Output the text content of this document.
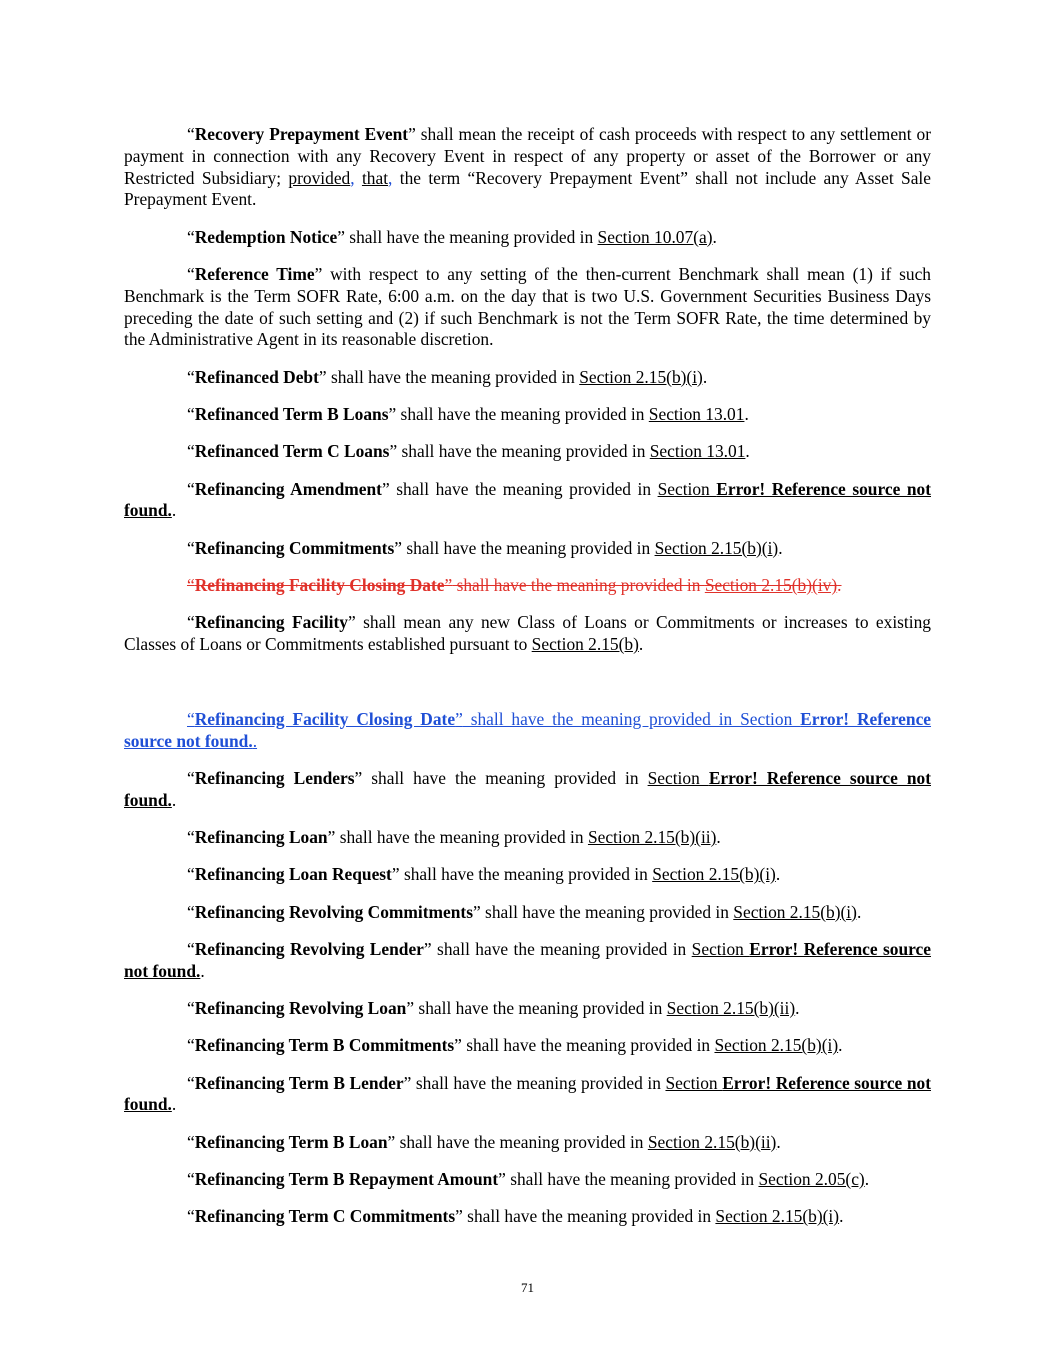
“Recovery Prepayment Event” shall mean the receipt of cash proceeds with respect to any settlement or payment in connection with any Recovery Event in respect of any property or asset of the Borrower or any Restricted Subsidiary; provided, that, the term “Recovery Prepayment Event” shall not include any Asset Sale Prepayment Event.

“Redemption Notice” shall have the meaning provided in Section 10.07(a).

“Reference Time” with respect to any setting of the then-current Benchmark shall mean (1) if such Benchmark is the Term SOFR Rate, 6:00 a.m. on the day that is two U.S. Government Securities Business Days preceding the date of such setting and (2) if such Benchmark is not the Term SOFR Rate, the time determined by the Administrative Agent in its reasonable discretion.

“Refinanced Debt” shall have the meaning provided in Section 2.15(b)(i).

“Refinanced Term B Loans” shall have the meaning provided in Section 13.01.

“Refinanced Term C Loans” shall have the meaning provided in Section 13.01.

“Refinancing Amendment” shall have the meaning provided in Section Error! Reference source not found..

“Refinancing Commitments” shall have the meaning provided in Section 2.15(b)(i).

“Refinancing Facility Closing Date” shall have the meaning provided in Section 2.15(b)(iv).

“Refinancing Facility” shall mean any new Class of Loans or Commitments or increases to existing Classes of Loans or Commitments established pursuant to Section 2.15(b).

“Refinancing Facility Closing Date” shall have the meaning provided in Section Error! Reference source not found..

“Refinancing Lenders” shall have the meaning provided in Section Error! Reference source not found..

“Refinancing Loan” shall have the meaning provided in Section 2.15(b)(ii).

“Refinancing Loan Request” shall have the meaning provided in Section 2.15(b)(i).

“Refinancing Revolving Commitments” shall have the meaning provided in Section 2.15(b)(i).

“Refinancing Revolving Lender” shall have the meaning provided in Section Error! Reference source not found..

“Refinancing Revolving Loan” shall have the meaning provided in Section 2.15(b)(ii).

“Refinancing Term B Commitments” shall have the meaning provided in Section 2.15(b)(i).

“Refinancing Term B Lender” shall have the meaning provided in Section Error! Reference source not found..

“Refinancing Term B Loan” shall have the meaning provided in Section 2.15(b)(ii).

“Refinancing Term B Repayment Amount” shall have the meaning provided in Section 2.05(c).

“Refinancing Term C Commitments” shall have the meaning provided in Section 2.15(b)(i).

71
